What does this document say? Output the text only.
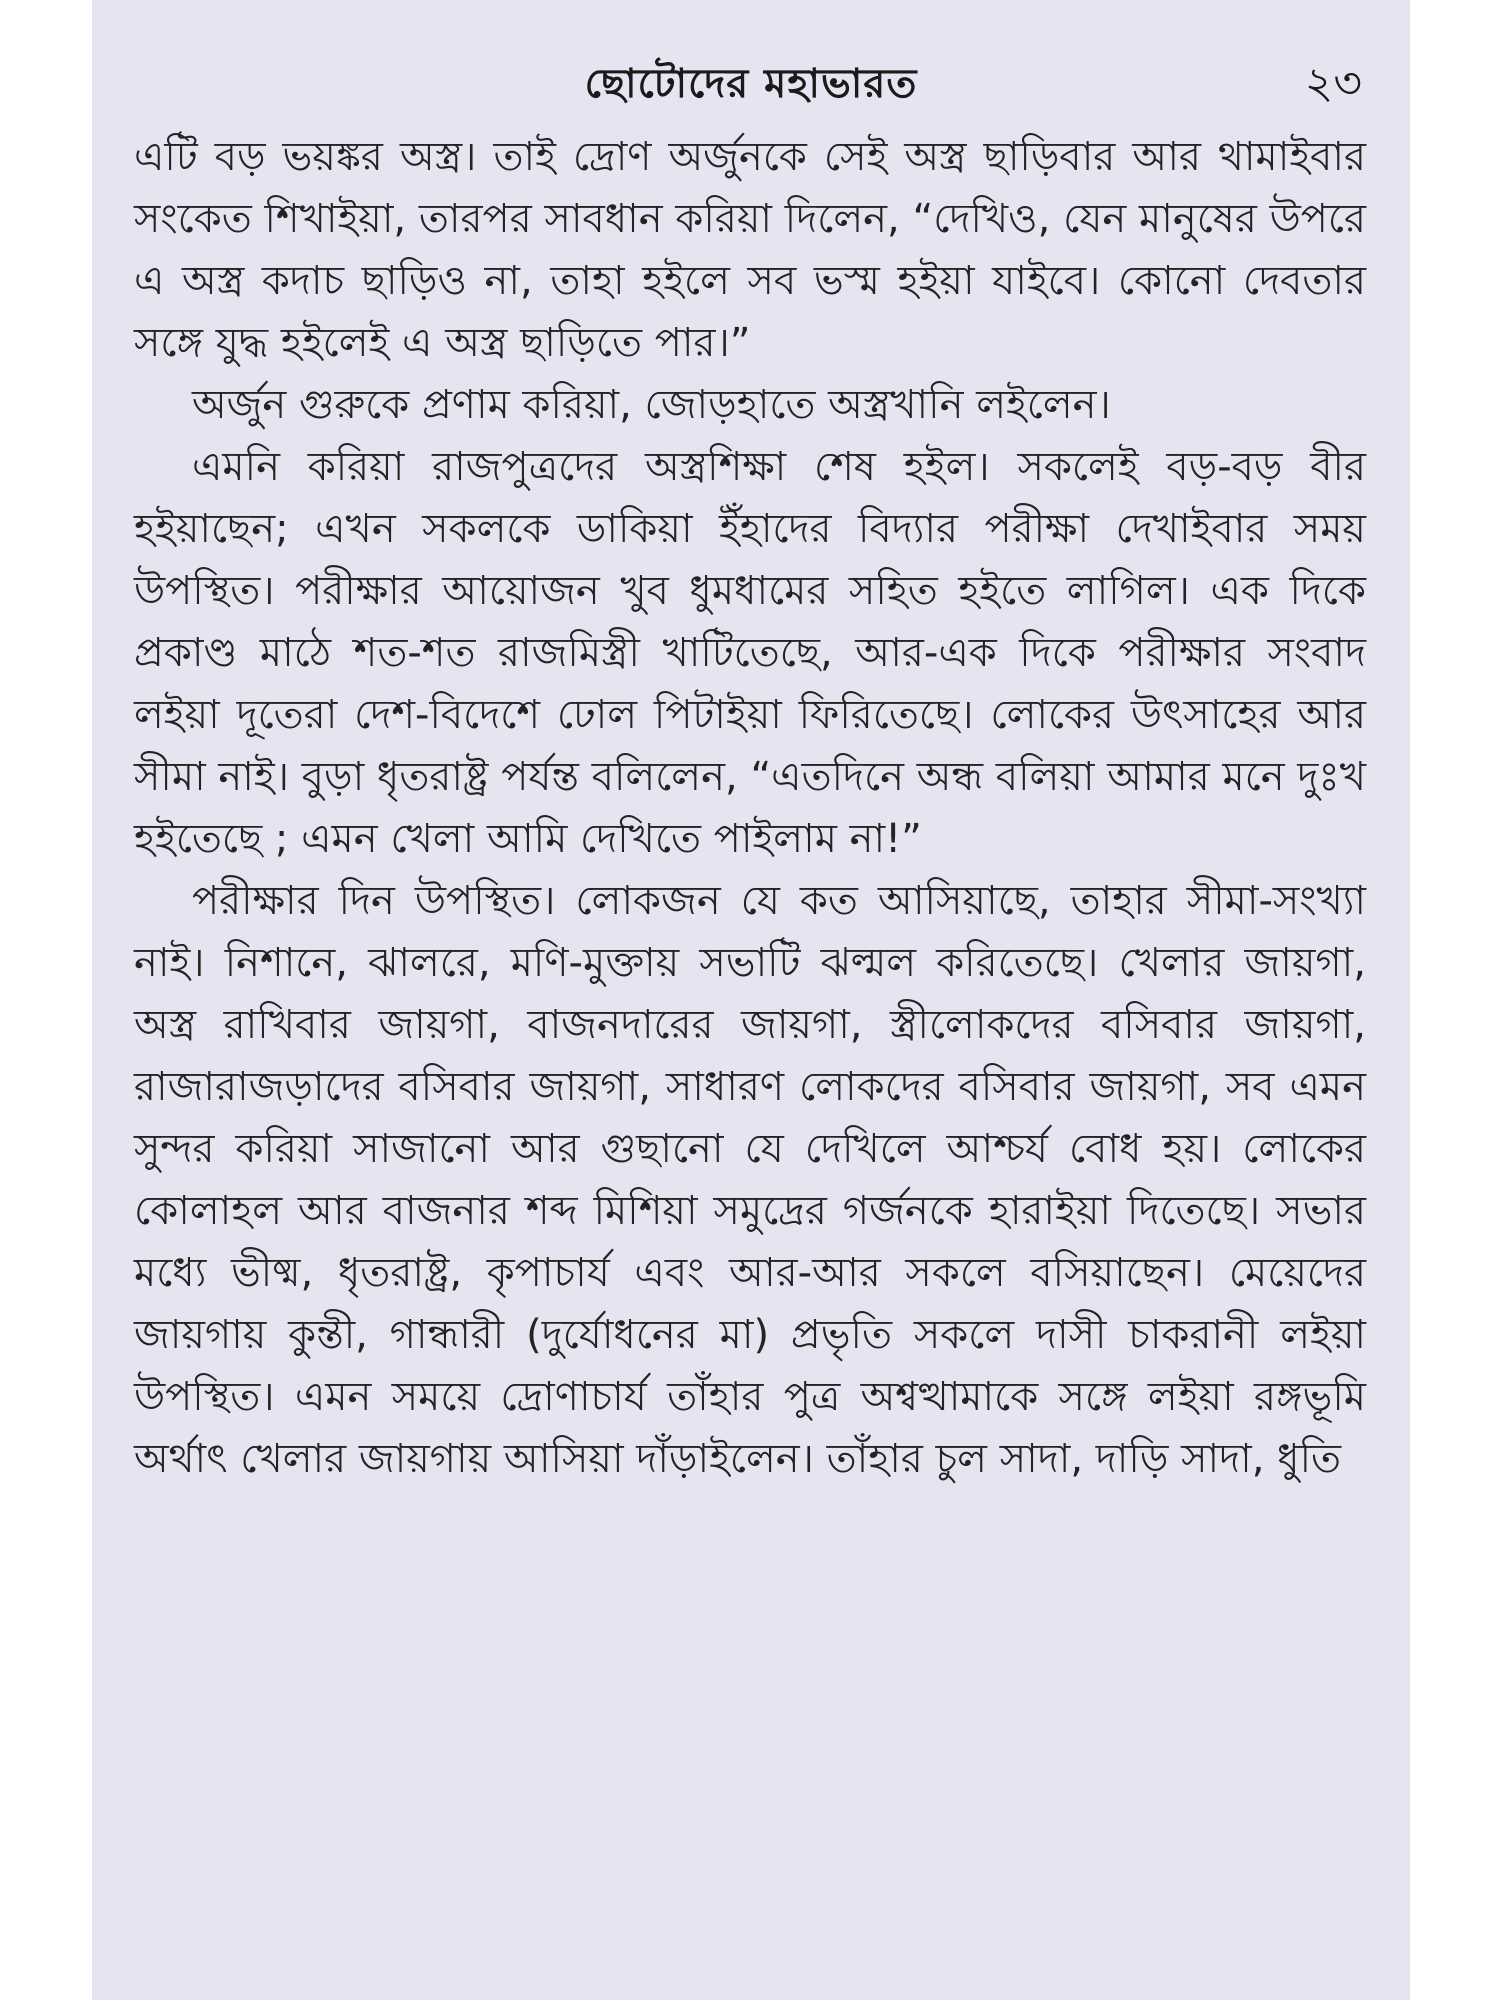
ছোটোদের মহাভারত	২৩

এটি বড় ভয়ঙ্কর অস্ত্র। তাই দ্রোণ অর্জুনকে সেই অস্ত্র ছাড়িবার আর থামাইবার সংকেত শিখাইয়া, তারপর সাবধান করিয়া দিলেন, “দেখিও, যেন মানুষের উপরে এ অস্ত্র কদাচ ছাড়িও না, তাহা হইলে সব ভস্ম হইয়া যাইবে। কোনো দেবতার সঙ্গে যুদ্ধ হইলেই এ অস্ত্র ছাড়িতে পার।”

অর্জুন গুরুকে প্রণাম করিয়া, জোড়হাতে অস্ত্রখানি লইলেন।

এমনি করিয়া রাজপুত্রদের অস্ত্রশিক্ষা শেষ হইল। সকলেই বড়-বড় বীর হইয়াছেন; এখন সকলকে ডাকিয়া ইঁহাদের বিদ্যার পরীক্ষা দেখাইবার সময় উপস্থিত। পরীক্ষার আয়োজন খুব ধুমধামের সহিত হইতে লাগিল। এক দিকে প্রকাণ্ড মাঠে শত-শত রাজমিস্ত্রী খাটিতেছে, আর-এক দিকে পরীক্ষার সংবাদ লইয়া দূতেরা দেশ-বিদেশে ঢোল পিটাইয়া ফিরিতেছে। লোকের উৎসাহের আর সীমা নাই। বুড়া ধৃতরাষ্ট্র পর্যন্ত বলিলেন, “এতদিনে অন্ধ বলিয়া আমার মনে দুঃখ হইতেছে ; এমন খেলা আমি দেখিতে পাইলাম না!”

পরীক্ষার দিন উপস্থিত। লোকজন যে কত আসিয়াছে, তাহার সীমা-সংখ্যা নাই। নিশানে, ঝালরে, মণি-মুক্তায় সভাটি ঝল্মল করিতেছে। খেলার জায়গা, অস্ত্র রাখিবার জায়গা, বাজনদারের জায়গা, স্ত্রীলোকদের বসিবার জায়গা, রাজারাজড়াদের বসিবার জায়গা, সাধারণ লোকদের বসিবার জায়গা, সব এমন সুন্দর করিয়া সাজানো আর গুছানো যে দেখিলে আশ্চর্য বোধ হয়। লোকের কোলাহল আর বাজনার শব্দ মিশিয়া সমুদ্রের গর্জনকে হারাইয়া দিতেছে। সভার মধ্যে ভীষ্ম, ধৃতরাষ্ট্র, কৃপাচার্য এবং আর-আর সকলে বসিয়াছেন। মেয়েদের জায়গায় কুন্তী, গান্ধারী (দুর্যোধনের মা) প্রভৃতি সকলে দাসী চাকরানী লইয়া উপস্থিত। এমন সময়ে দ্রোণাচার্য তাঁহার পুত্র অশ্বত্থামাকে সঙ্গে লইয়া রঙ্গভূমি অর্থাৎ খেলার জায়গায় আসিয়া দাঁড়াইলেন। তাঁহার চুল সাদা, দাড়ি সাদা, ধুতি
